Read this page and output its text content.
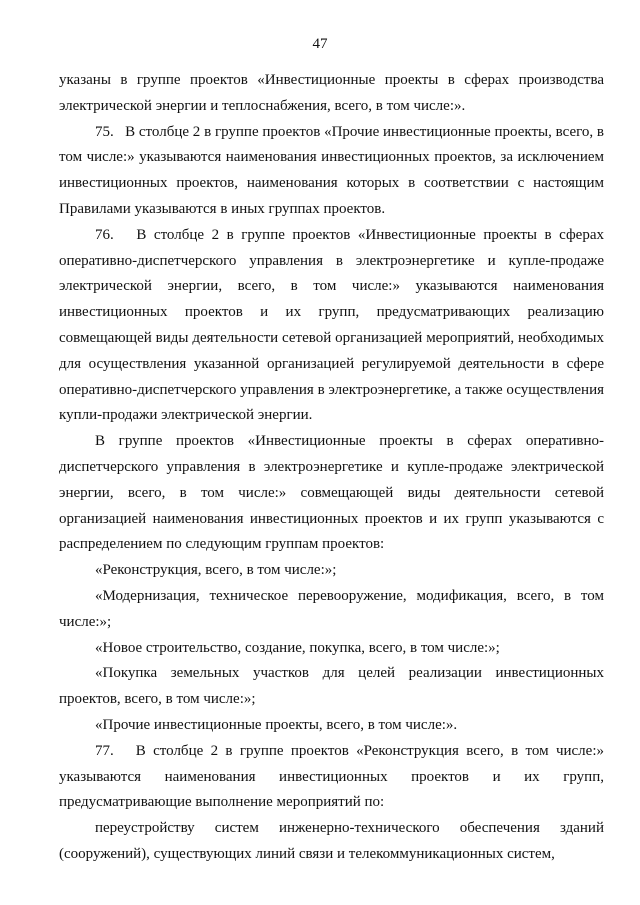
47

указаны в группе проектов «Инвестиционные проекты в сферах производства электрической энергии и теплоснабжения, всего, в том числе:».

75.   В столбце 2 в группе проектов «Прочие инвестиционные проекты, всего, в том числе:» указываются наименования инвестиционных проектов, за исключением инвестиционных проектов, наименования которых в соответствии с настоящим Правилами указываются в иных группах проектов.

76.   В столбце 2 в группе проектов «Инвестиционные проекты в сферах оперативно-диспетчерского управления в электроэнергетике и купле-продаже электрической энергии, всего, в том числе:» указываются наименования инвестиционных проектов и их групп, предусматривающих реализацию совмещающей виды деятельности сетевой организацией мероприятий, необходимых для осуществления указанной организацией регулируемой деятельности в сфере оперативно-диспетчерского управления в электроэнергетике, а также осуществления купли-продажи электрической энергии.

В группе проектов «Инвестиционные проекты в сферах оперативно-диспетчерского управления в электроэнергетике и купле-продаже электрической энергии, всего, в том числе:» совмещающей виды деятельности сетевой организацией наименования инвестиционных проектов и их групп указываются с распределением по следующим группам проектов:

«Реконструкция, всего, в том числе:»;

«Модернизация, техническое перевооружение, модификация, всего, в том числе:»;

«Новое строительство, создание, покупка, всего, в том числе:»;

«Покупка земельных участков для целей реализации инвестиционных проектов, всего, в том числе:»;

«Прочие инвестиционные проекты, всего, в том числе:».

77.   В столбце 2 в группе проектов «Реконструкция всего, в том числе:» указываются наименования инвестиционных проектов и их групп, предусматривающие выполнение мероприятий по:

переустройству систем инженерно-технического обеспечения зданий (сооружений), существующих линий связи и телекоммуникационных систем,
